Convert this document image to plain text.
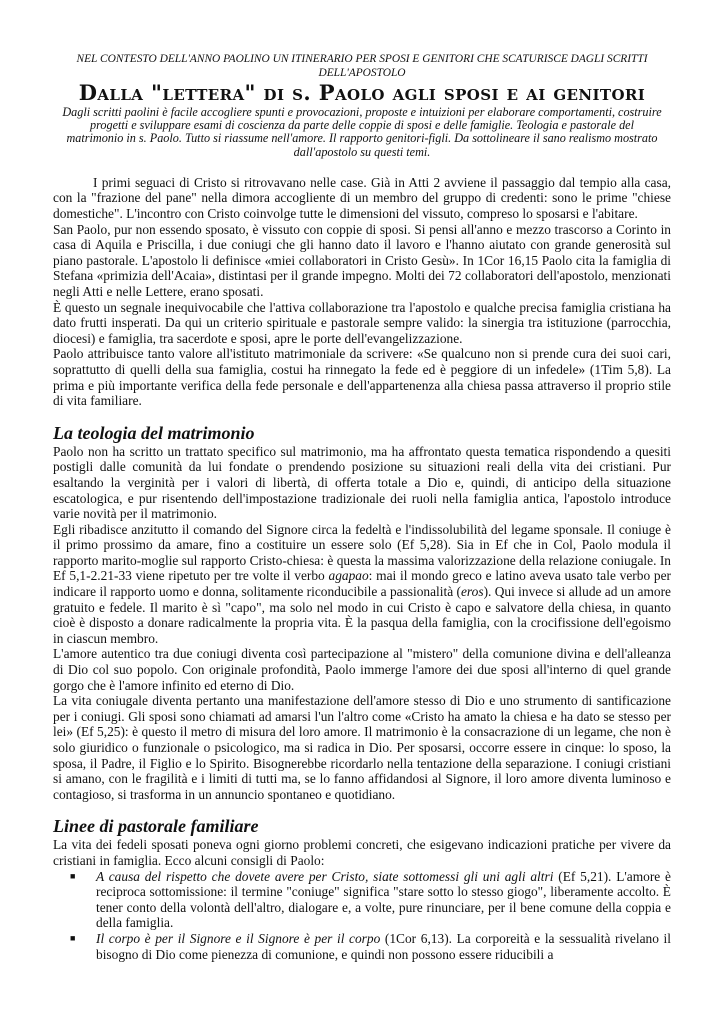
NEL CONTESTO DELL'ANNO PAOLINO UN ITINERARIO PER SPOSI E GENITORI CHE SCATURISCE DAGLI SCRITTI DELL'APOSTOLO
Dalla "lettera" di s. Paolo agli sposi e ai genitori
Dagli scritti paolini è facile accogliere spunti e provocazioni, proposte e intuizioni per elaborare comportamenti, costruire progetti e sviluppare esami di coscienza da parte delle coppie di sposi e delle famiglie. Teologia e pastorale del matrimonio in s. Paolo. Tutto si riassume nell'amore. Il rapporto genitori-figli. Da sottolineare il sano realismo mostrato dall'apostolo su questi temi.

I primi seguaci di Cristo si ritrovavano nelle case. Già in Atti 2 avviene il passaggio dal tempio alla casa, con la "frazione del pane" nella dimora accogliente di un membro del gruppo di credenti: sono le prime "chiese domestiche". L'incontro con Cristo coinvolge tutte le dimensioni del vissuto, compreso lo sposarsi e l'abitare.

San Paolo, pur non essendo sposato, è vissuto con coppie di sposi. Si pensi all'anno e mezzo trascorso a Corinto in casa di Aquila e Priscilla, i due coniugi che gli hanno dato il lavoro e l'hanno aiutato con grande generosità sul piano pastorale. L'apostolo li definisce «miei collaboratori in Cristo Gesù». In 1Cor 16,15 Paolo cita la famiglia di Stefana «primizia dell'Acaia», distintasi per il grande impegno. Molti dei 72 collaboratori dell'apostolo, menzionati negli Atti e nelle Lettere, erano sposati.

È questo un segnale inequivocabile che l'attiva collaborazione tra l'apostolo e qualche precisa famiglia cristiana ha dato frutti insperati. Da qui un criterio spirituale e pastorale sempre valido: la sinergia tra istituzione (parrocchia, diocesi) e famiglia, tra sacerdote e sposi, apre le porte dell'evangelizzazione.

Paolo attribuisce tanto valore all'istituto matrimoniale da scrivere: «Se qualcuno non si prende cura dei suoi cari, soprattutto di quelli della sua famiglia, costui ha rinnegato la fede ed è peggiore di un infedele» (1Tim 5,8). La prima e più importante verifica della fede personale e dell'appartenenza alla chiesa passa attraverso il proprio stile di vita familiare.

La teologia del matrimonio

Paolo non ha scritto un trattato specifico sul matrimonio, ma ha affrontato questa tematica rispondendo a quesiti postigli dalle comunità da lui fondate o prendendo posizione su situazioni reali della vita dei cristiani. Pur esaltando la verginità per i valori di libertà, di offerta totale a Dio e, quindi, di anticipo della situazione escatologica, e pur risentendo dell'impostazione tradizionale dei ruoli nella famiglia antica, l'apostolo introduce varie novità per il matrimonio.

Egli ribadisce anzitutto il comando del Signore circa la fedeltà e l'indissolubilità del legame sponsale. Il coniuge è il primo prossimo da amare, fino a costituire un essere solo (Ef 5,28). Sia in Ef che in Col, Paolo modula il rapporto marito-moglie sul rapporto Cristo-chiesa: è questa la massima valorizzazione della relazione coniugale. In Ef 5,1-2.21-33 viene ripetuto per tre volte il verbo agapao: mai il mondo greco e latino aveva usato tale verbo per indicare il rapporto uomo e donna, solitamente riconducibile a passionalità (eros). Qui invece si allude ad un amore gratuito e fedele. Il marito è sì "capo", ma solo nel modo in cui Cristo è capo e salvatore della chiesa, in quanto cioè è disposto a donare radicalmente la propria vita. È la pasqua della famiglia, con la crocifissione dell'egoismo in ciascun membro.

L'amore autentico tra due coniugi diventa così partecipazione al "mistero" della comunione divina e dell'alleanza di Dio col suo popolo. Con originale profondità, Paolo immerge l'amore dei due sposi all'interno di quel grande gorgo che è l'amore infinito ed eterno di Dio.

La vita coniugale diventa pertanto una manifestazione dell'amore stesso di Dio e uno strumento di santificazione per i coniugi. Gli sposi sono chiamati ad amarsi l'un l'altro come «Cristo ha amato la chiesa e ha dato se stesso per lei» (Ef 5,25): è questo il metro di misura del loro amore. Il matrimonio è la consacrazione di un legame, che non è solo giuridico o funzionale o psicologico, ma si radica in Dio. Per sposarsi, occorre essere in cinque: lo sposo, la sposa, il Padre, il Figlio e lo Spirito. Bisognerebbe ricordarlo nella tentazione della separazione. I coniugi cristiani si amano, con le fragilità e i limiti di tutti ma, se lo fanno affidandosi al Signore, il loro amore diventa luminoso e contagioso, si trasforma in un annuncio spontaneo e quotidiano.

Linee di pastorale familiare

La vita dei fedeli sposati poneva ogni giorno problemi concreti, che esigevano indicazioni pratiche per vivere da cristiani in famiglia. Ecco alcuni consigli di Paolo:

■ A causa del rispetto che dovete avere per Cristo, siate sottomessi gli uni agli altri (Ef 5,21). L'amore è reciproca sottomissione: il termine "coniuge" significa "stare sotto lo stesso giogo", liberamente accolto. È tener conto della volontà dell'altro, dialogare e, a volte, pure rinunciare, per il bene comune della coppia e della famiglia.
■ Il corpo è per il Signore e il Signore è per il corpo (1Cor 6,13). La corporeità e la sessualità rivelano il bisogno di Dio come pienezza di comunione, e quindi non possono essere riducibili a
